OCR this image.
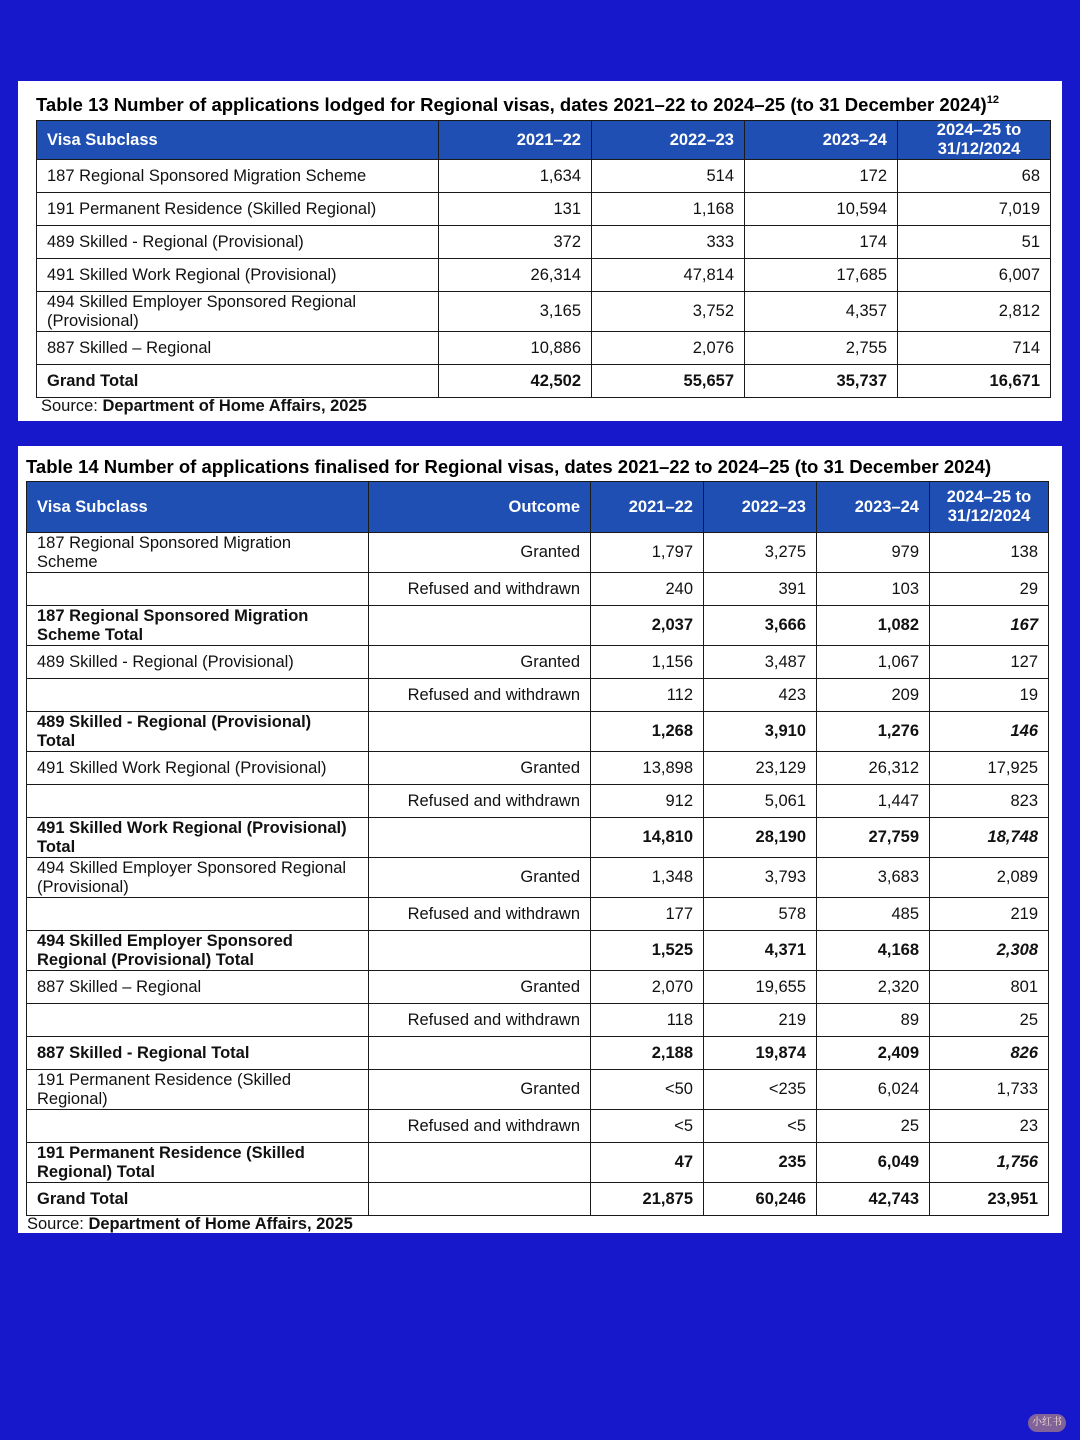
Table 13 Number of applications lodged for Regional visas, dates 2021–22 to 2024–25 (to 31 December 2024)$^{12}$
Visa Subclass	2021–22	2022–23	2023–24	2024–25 to
31/12/2024
187 Regional Sponsored Migration Scheme	1,634	514	172	68
191 Permanent Residence (Skilled Regional)	131	1,168	10,594	7,019
489 Skilled - Regional (Provisional)	372	333	174	51
491 Skilled Work Regional (Provisional)	26,314	47,814	17,685	6,007
494 Skilled Employer Sponsored Regional
(Provisional)	3,165	3,752	4,357	2,812
887 Skilled – Regional	10,886	2,076	2,755	714
Grand Total	42,502	55,657	35,737	16,671
Source: Department of Home Affairs, 2025
Table 14 Number of applications finalised for Regional visas, dates 2021–22 to 2024–25 (to 31 December 2024)
Visa Subclass	Outcome	2021–22	2022–23	2023–24	2024–25 to
31/12/2024
187 Regional Sponsored Migration
Scheme	Granted	1,797	3,275	979	138
	Refused and withdrawn	240	391	103	29
187 Regional Sponsored Migration
Scheme Total		2,037	3,666	1,082	167
489 Skilled - Regional (Provisional)	Granted	1,156	3,487	1,067	127
	Refused and withdrawn	112	423	209	19
489 Skilled - Regional (Provisional)
Total		1,268	3,910	1,276	146
491 Skilled Work Regional (Provisional)	Granted	13,898	23,129	26,312	17,925
	Refused and withdrawn	912	5,061	1,447	823
491 Skilled Work Regional (Provisional)
Total		14,810	28,190	27,759	18,748
494 Skilled Employer Sponsored Regional
(Provisional)	Granted	1,348	3,793	3,683	2,089
	Refused and withdrawn	177	578	485	219
494 Skilled Employer Sponsored
Regional (Provisional) Total		1,525	4,371	4,168	2,308
887 Skilled – Regional	Granted	2,070	19,655	2,320	801
	Refused and withdrawn	118	219	89	25
887 Skilled - Regional Total		2,188	19,874	2,409	826
191 Permanent Residence (Skilled
Regional)	Granted	<50	<235	6,024	1,733
	Refused and withdrawn	<5	<5	25	23
191 Permanent Residence (Skilled
Regional) Total		47	235	6,049	1,756
Grand Total		21,875	60,246	42,743	23,951
Source: Department of Home Affairs, 2025
小红书
